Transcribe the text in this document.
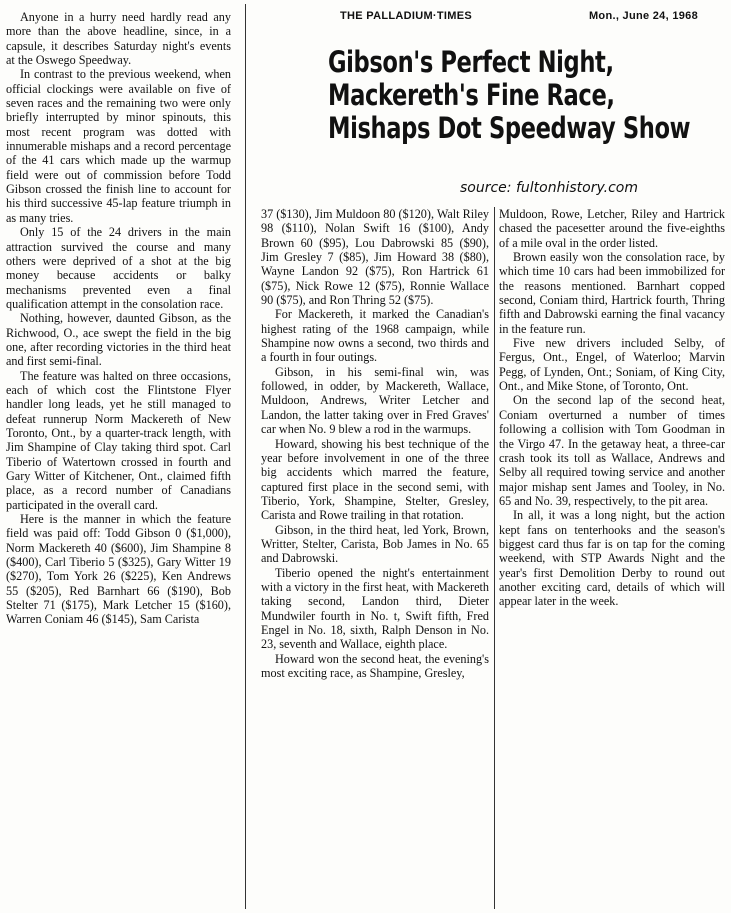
THE PALLADIUM·TIMES	Mon., June 24, 1968
Gibson's Perfect Night,
Mackereth's Fine Race,
Mishaps Dot Speedway Show
source: fultonhistory.com

Anyone in a hurry need hardly read any more than the above headline, since, in a capsule, it describes Saturday night's events at the Oswego Speedway.

In contrast to the previous weekend, when official clockings were available on five of seven races and the remaining two were only briefly interrupted by minor spinouts, this most recent program was dotted with innumerable mishaps and a record percentage of the 41 cars which made up the warmup field were out of commission before Todd Gibson crossed the finish line to account for his third successive 45-lap feature triumph in as many tries.

Only 15 of the 24 drivers in the main attraction survived the course and many others were deprived of a shot at the big money because accidents or balky mechanisms prevented even a final qualification attempt in the consolation race.

Nothing, however, daunted Gibson, as the Richwood, O., ace swept the field in the big one, after recording victories in the third heat and first semi-final.

The feature was halted on three occasions, each of which cost the Flintstone Flyer handler long leads, yet he still managed to defeat runnerup Norm Mackereth of New Toronto, Ont., by a quarter-track length, with Jim Shampine of Clay taking third spot. Carl Tiberio of Watertown crossed in fourth and Gary Witter of Kitchener, Ont., claimed fifth place, as a record number of Canadians participated in the overall card.

Here is the manner in which the feature field was paid off: Todd Gibson 0 ($1,000), Norm Mackereth 40 ($600), Jim Shampine 8 ($400), Carl Tiberio 5 ($325), Gary Witter 19 ($270), Tom York 26 ($225), Ken Andrews 55 ($205), Red Barnhart 66 ($190), Bob Stelter 71 ($175), Mark Letcher 15 ($160), Warren Coniam 46 ($145), Sam Carista

37 ($130), Jim Muldoon 80 ($120), Walt Riley 98 ($110), Nolan Swift 16 ($100), Andy Brown 60 ($95), Lou Dabrowski 85 ($90), Jim Gresley 7 ($85), Jim Howard 38 ($80), Wayne Landon 92 ($75), Ron Hartrick 61 ($75), Nick Rowe 12 ($75), Ronnie Wallace 90 ($75), and Ron Thring 52 ($75).

For Mackereth, it marked the Canadian's highest rating of the 1968 campaign, while Shampine now owns a second, two thirds and a fourth in four outings.

Gibson, in his semi-final win, was followed, in odder, by Mackereth, Wallace, Muldoon, Andrews, Writer Letcher and Landon, the latter taking over in Fred Graves' car when No. 9 blew a rod in the warmups.

Howard, showing his best technique of the year before involvement in one of the three big accidents which marred the feature, captured first place in the second semi, with Tiberio, York, Shampine, Stelter, Gresley, Carista and Rowe trailing in that rotation.

Gibson, in the third heat, led York, Brown, Writter, Stelter, Carista, Bob James in No. 65 and Dabrowski.

Tiberio opened the night's entertainment with a victory in the first heat, with Mackereth taking second, Landon third, Dieter Mundwiler fourth in No. t, Swift fifth, Fred Engel in No. 18, sixth, Ralph Denson in No. 23, seventh and Wallace, eighth place.

Howard won the second heat, the evening's most exciting race, as Shampine, Gresley,

Muldoon, Rowe, Letcher, Riley and Hartrick chased the pacesetter around the five-eighths of a mile oval in the order listed.

Brown easily won the consolation race, by which time 10 cars had been immobilized for the reasons mentioned. Barnhart copped second, Coniam third, Hartrick fourth, Thring fifth and Dabrowski earning the final vacancy in the feature run.

Five new drivers included Selby, of Fergus, Ont., Engel, of Waterloo; Marvin Pegg, of Lynden, Ont.; Soniam, of King City, Ont., and Mike Stone, of Toronto, Ont.

On the second lap of the second heat, Coniam overturned a number of times following a collision with Tom Goodman in the Virgo 47. In the getaway heat, a three-car crash took its toll as Wallace, Andrews and Selby all required towing service and another major mishap sent James and Tooley, in No. 65 and No. 39, respectively, to the pit area.

In all, it was a long night, but the action kept fans on tenterhooks and the season's biggest card thus far is on tap for the coming weekend, with STP Awards Night and the year's first Demolition Derby to round out another exciting card, details of which will appear later in the week.
